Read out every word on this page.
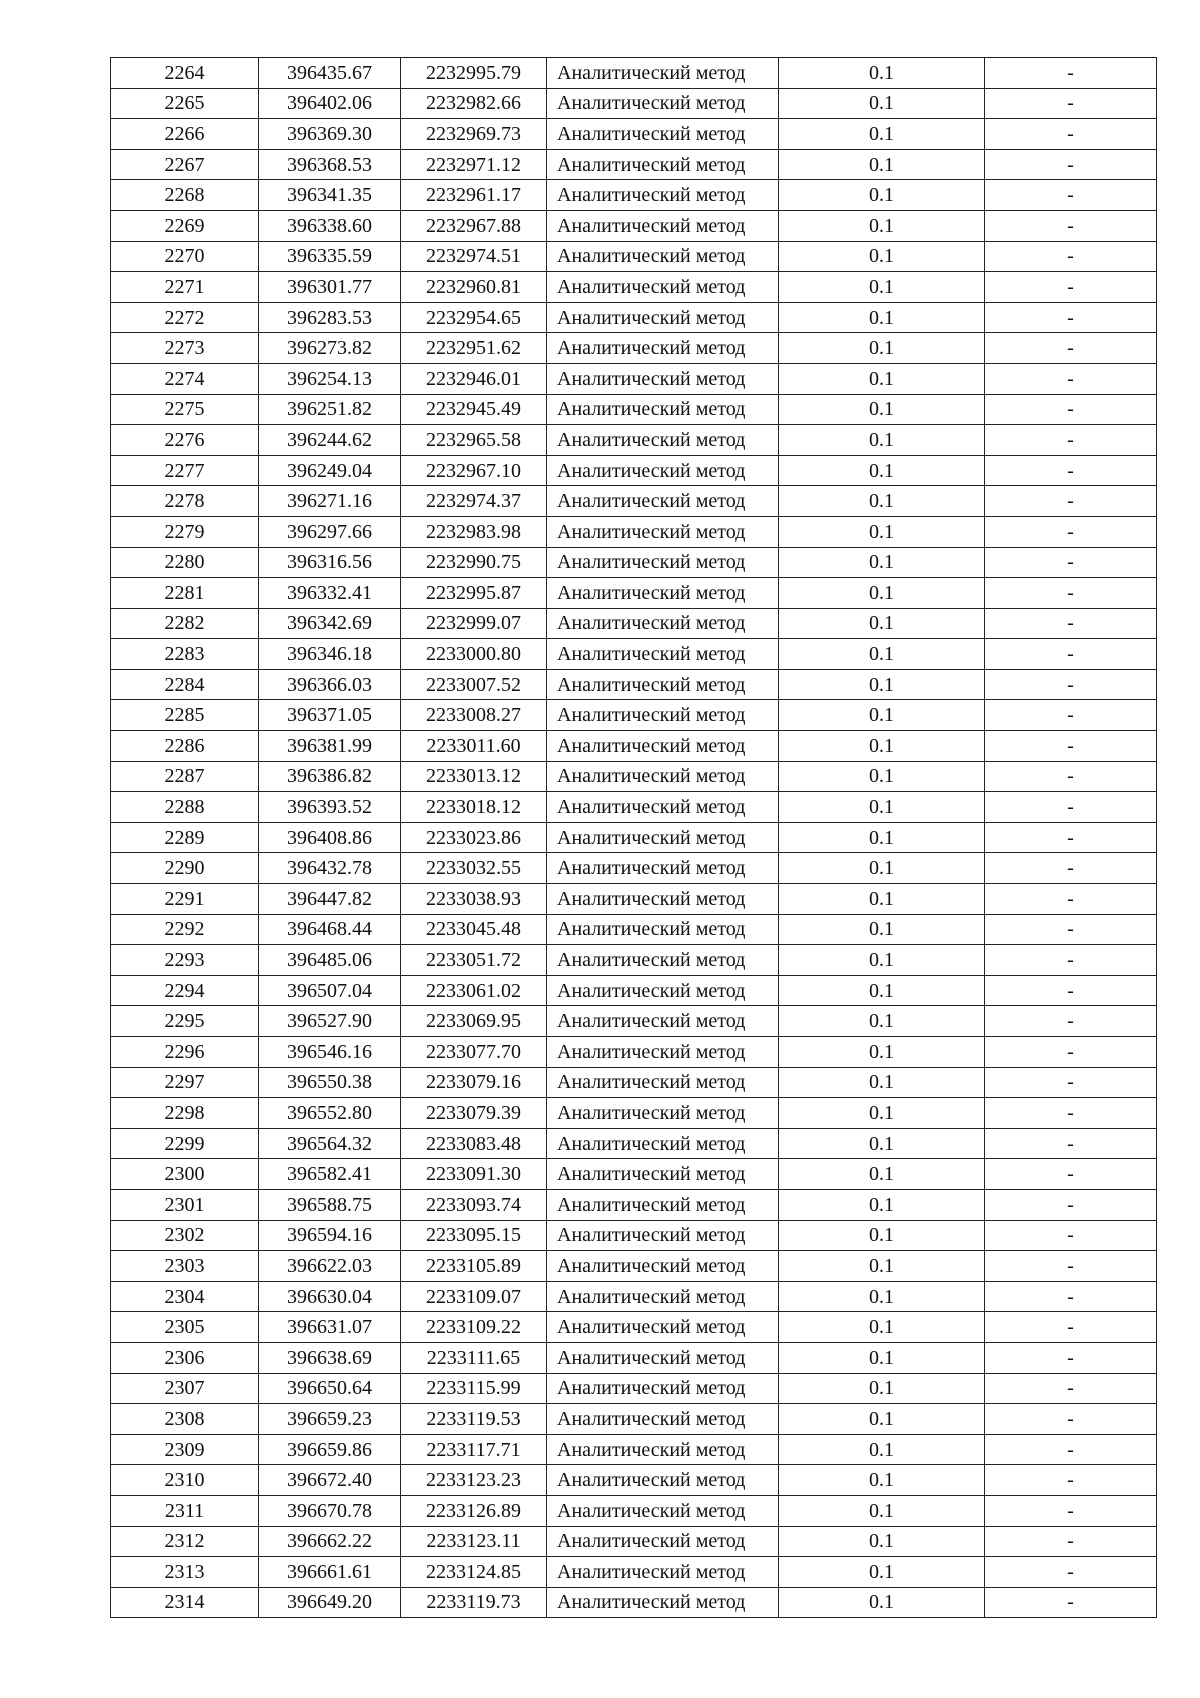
2264	396435.67	2232995.79	Аналитический метод	0.1	-
2265	396402.06	2232982.66	Аналитический метод	0.1	-
2266	396369.30	2232969.73	Аналитический метод	0.1	-
2267	396368.53	2232971.12	Аналитический метод	0.1	-
2268	396341.35	2232961.17	Аналитический метод	0.1	-
2269	396338.60	2232967.88	Аналитический метод	0.1	-
2270	396335.59	2232974.51	Аналитический метод	0.1	-
2271	396301.77	2232960.81	Аналитический метод	0.1	-
2272	396283.53	2232954.65	Аналитический метод	0.1	-
2273	396273.82	2232951.62	Аналитический метод	0.1	-
2274	396254.13	2232946.01	Аналитический метод	0.1	-
2275	396251.82	2232945.49	Аналитический метод	0.1	-
2276	396244.62	2232965.58	Аналитический метод	0.1	-
2277	396249.04	2232967.10	Аналитический метод	0.1	-
2278	396271.16	2232974.37	Аналитический метод	0.1	-
2279	396297.66	2232983.98	Аналитический метод	0.1	-
2280	396316.56	2232990.75	Аналитический метод	0.1	-
2281	396332.41	2232995.87	Аналитический метод	0.1	-
2282	396342.69	2232999.07	Аналитический метод	0.1	-
2283	396346.18	2233000.80	Аналитический метод	0.1	-
2284	396366.03	2233007.52	Аналитический метод	0.1	-
2285	396371.05	2233008.27	Аналитический метод	0.1	-
2286	396381.99	2233011.60	Аналитический метод	0.1	-
2287	396386.82	2233013.12	Аналитический метод	0.1	-
2288	396393.52	2233018.12	Аналитический метод	0.1	-
2289	396408.86	2233023.86	Аналитический метод	0.1	-
2290	396432.78	2233032.55	Аналитический метод	0.1	-
2291	396447.82	2233038.93	Аналитический метод	0.1	-
2292	396468.44	2233045.48	Аналитический метод	0.1	-
2293	396485.06	2233051.72	Аналитический метод	0.1	-
2294	396507.04	2233061.02	Аналитический метод	0.1	-
2295	396527.90	2233069.95	Аналитический метод	0.1	-
2296	396546.16	2233077.70	Аналитический метод	0.1	-
2297	396550.38	2233079.16	Аналитический метод	0.1	-
2298	396552.80	2233079.39	Аналитический метод	0.1	-
2299	396564.32	2233083.48	Аналитический метод	0.1	-
2300	396582.41	2233091.30	Аналитический метод	0.1	-
2301	396588.75	2233093.74	Аналитический метод	0.1	-
2302	396594.16	2233095.15	Аналитический метод	0.1	-
2303	396622.03	2233105.89	Аналитический метод	0.1	-
2304	396630.04	2233109.07	Аналитический метод	0.1	-
2305	396631.07	2233109.22	Аналитический метод	0.1	-
2306	396638.69	2233111.65	Аналитический метод	0.1	-
2307	396650.64	2233115.99	Аналитический метод	0.1	-
2308	396659.23	2233119.53	Аналитический метод	0.1	-
2309	396659.86	2233117.71	Аналитический метод	0.1	-
2310	396672.40	2233123.23	Аналитический метод	0.1	-
2311	396670.78	2233126.89	Аналитический метод	0.1	-
2312	396662.22	2233123.11	Аналитический метод	0.1	-
2313	396661.61	2233124.85	Аналитический метод	0.1	-
2314	396649.20	2233119.73	Аналитический метод	0.1	-
